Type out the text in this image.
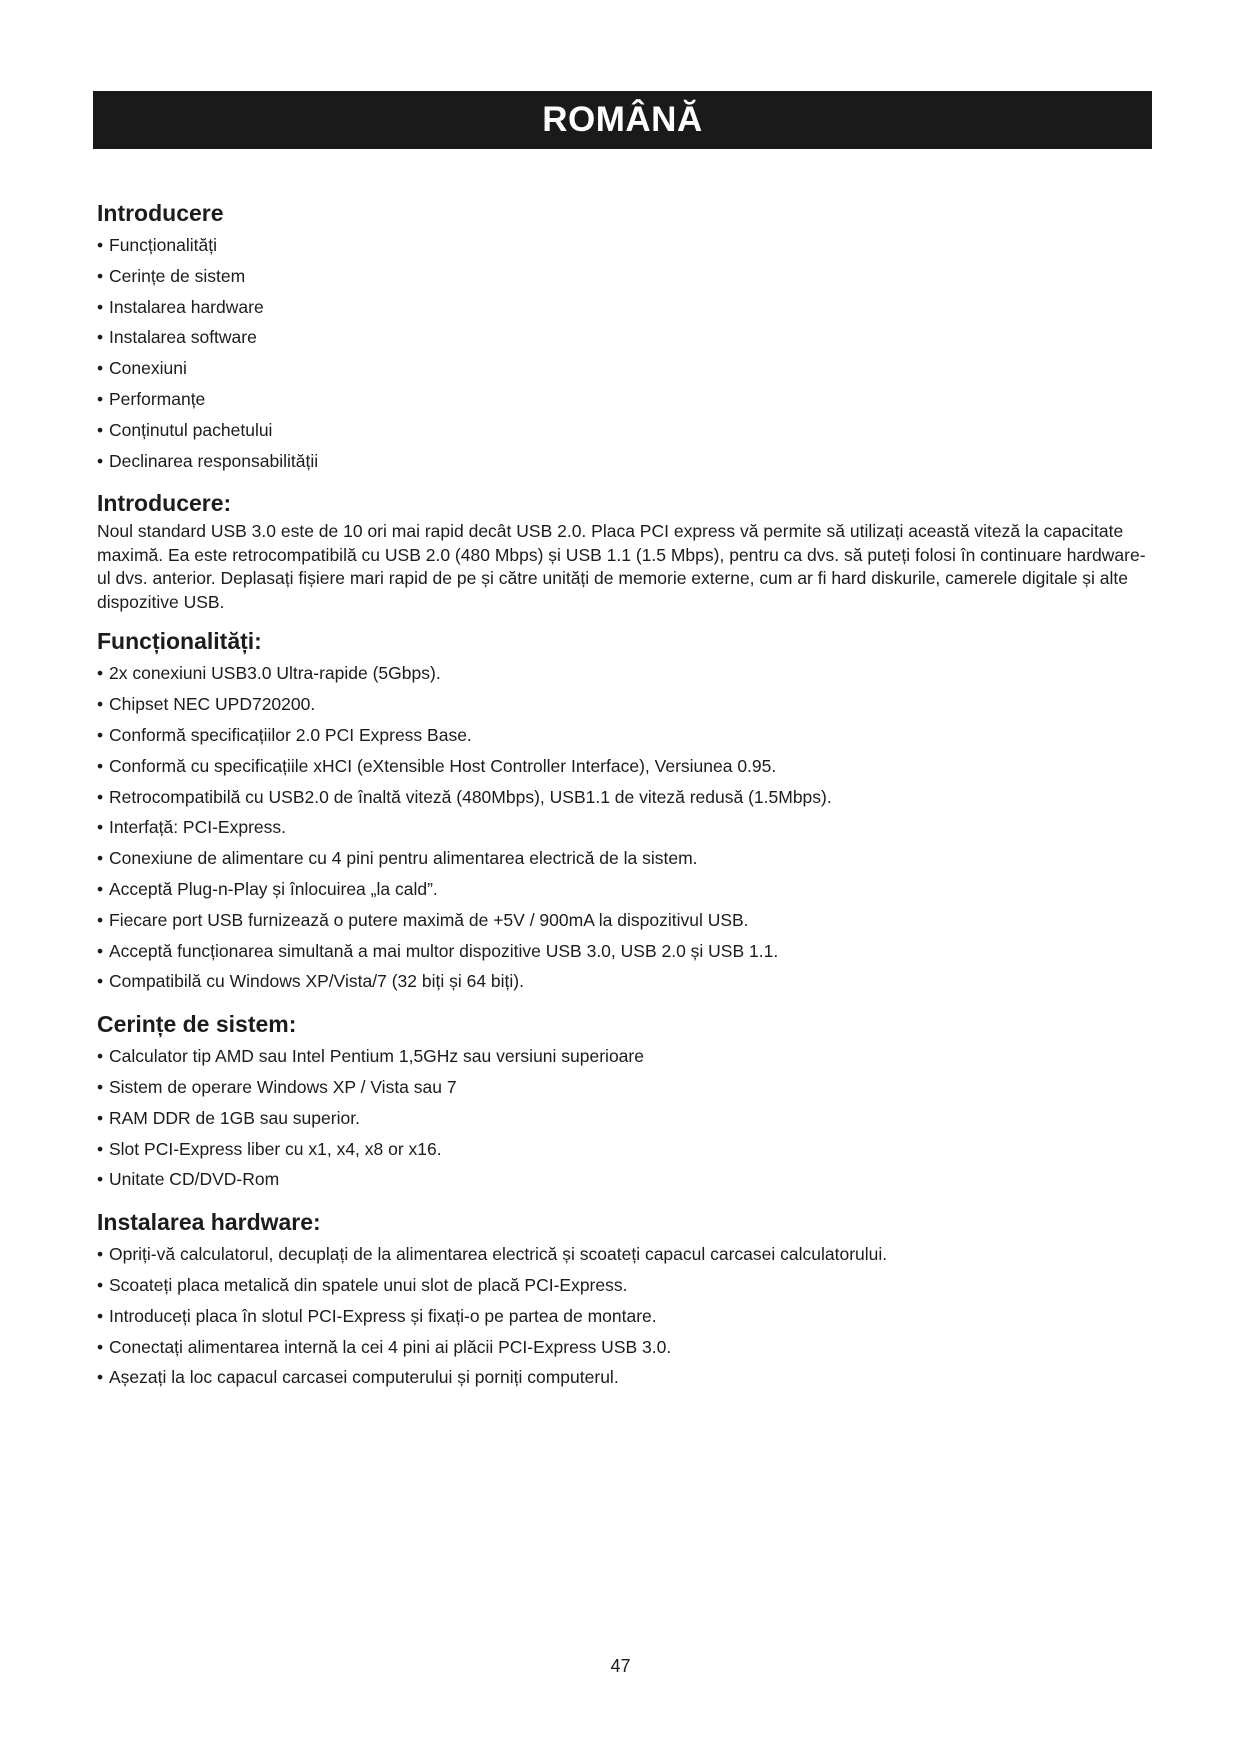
ROMÂNĂ
Introducere
• Funcționalități
• Cerințe de sistem
• Instalarea hardware
• Instalarea software
• Conexiuni
• Performanțe
• Conținutul pachetului
• Declinarea responsabilității
Introducere:

Noul standard USB 3.0 este de 10 ori mai rapid decât USB 2.0. Placa PCI express vă permite să utilizați această viteză la capacitate maximă. Ea este retrocompatibilă cu USB 2.0 (480 Mbps) și USB 1.1 (1.5 Mbps), pentru ca dvs. să puteți folosi în continuare hardware-ul dvs. anterior. Deplasați fișiere mari rapid de pe și către unități de memorie externe, cum ar fi hard diskurile, camerele digitale și alte dispozitive USB.

Funcționalități:
• 2x conexiuni USB3.0 Ultra-rapide (5Gbps).
• Chipset NEC UPD720200.
• Conformă specificațiilor 2.0 PCI Express Base.
• Conformă cu specificațiile xHCI (eXtensible Host Controller Interface), Versiunea 0.95.
• Retrocompatibilă cu USB2.0 de înaltă viteză (480Mbps), USB1.1 de viteză redusă (1.5Mbps).
• Interfață: PCI-Express.
• Conexiune de alimentare cu 4 pini pentru alimentarea electrică de la sistem.
• Acceptă Plug-n-Play și înlocuirea „la cald”.
• Fiecare port USB furnizează o putere maximă de +5V / 900mA la dispozitivul USB.
• Acceptă funcționarea simultană a mai multor dispozitive USB 3.0, USB 2.0 și USB 1.1.
• Compatibilă cu Windows XP/Vista/7 (32 biți și 64 biți).
Cerințe de sistem:
• Calculator tip AMD sau Intel Pentium 1,5GHz sau versiuni superioare
• Sistem de operare Windows XP / Vista sau 7
• RAM DDR de 1GB sau superior.
• Slot PCI-Express liber cu x1, x4, x8 or x16.
• Unitate CD/DVD-Rom
Instalarea hardware:
• Opriți-vă calculatorul, decuplați de la alimentarea electrică și scoateți capacul carcasei calculatorului.
• Scoateți placa metalică din spatele unui slot de placă PCI-Express.
• Introduceți placa în slotul PCI-Express și fixați-o pe partea de montare.
• Conectați alimentarea internă la cei 4 pini ai plăcii PCI-Express USB 3.0.
• Așezați la loc capacul carcasei computerului și porniți computerul.
47
